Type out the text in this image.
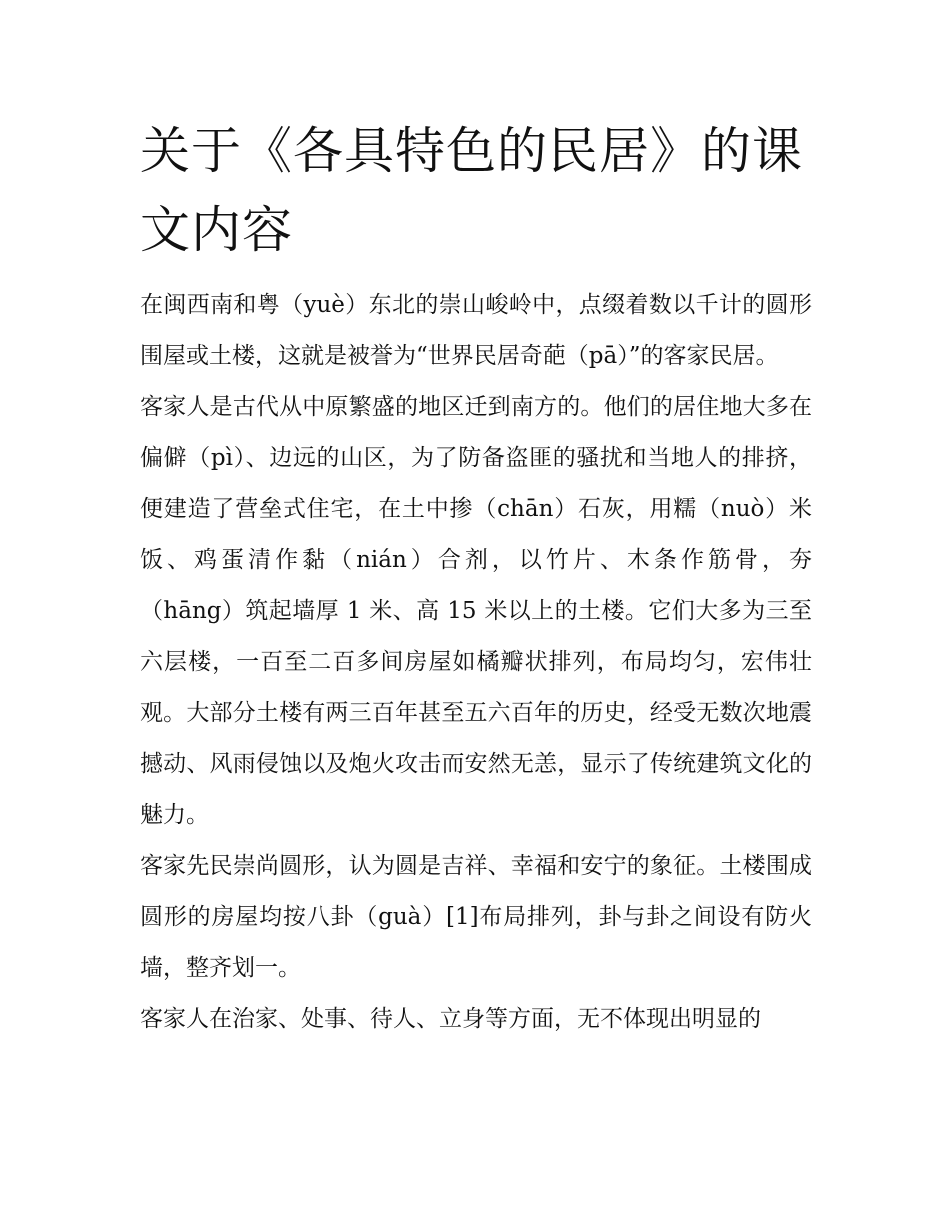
关于《各具特色的民居》的课文内容

在闽西南和粤（yuè）东北的崇山峻岭中，点缀着数以千计的圆形围屋或土楼，这就是被誉为“世界民居奇葩（pā）”的客家民居。

客家人是古代从中原繁盛的地区迁到南方的。他们的居住地大多在偏僻（pì）、边远的山区，为了防备盗匪的骚扰和当地人的排挤，便建造了营垒式住宅，在土中掺（chān）石灰，用糯（nuò）米饭、鸡蛋清作黏（nián）合剂，以竹片、木条作筋骨，夯（hāng）筑起墙厚 1 米、高 15 米以上的土楼。它们大多为三至六层楼，一百至二百多间房屋如橘瓣状排列，布局均匀，宏伟壮观。大部分土楼有两三百年甚至五六百年的历史，经受无数次地震撼动、风雨侵蚀以及炮火攻击而安然无恙，显示了传统建筑文化的魅力。

客家先民崇尚圆形，认为圆是吉祥、幸福和安宁的象征。土楼围成圆形的房屋均按八卦（guà）[1]布局排列，卦与卦之间设有防火墙，整齐划一。

客家人在治家、处事、待人、立身等方面，无不体现出明显的
